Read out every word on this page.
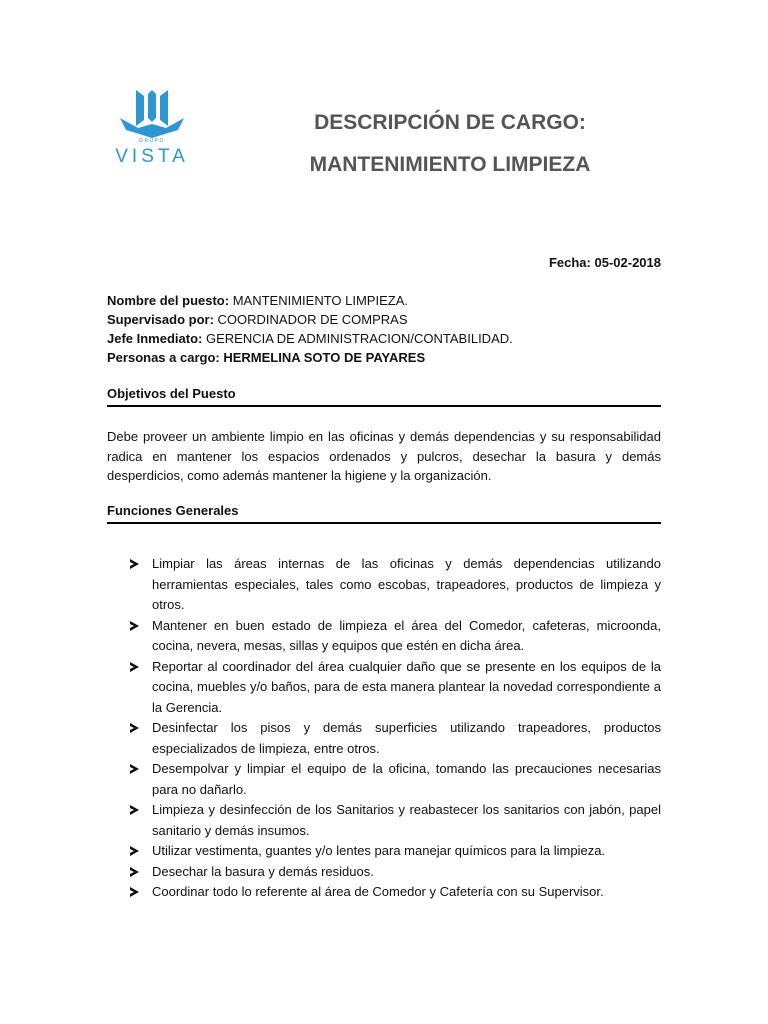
GRUPO
VISTA
DESCRIPCIÓN DE CARGO:
MANTENIMIENTO LIMPIEZA
Fecha: 05-02-2018
Nombre del puesto: MANTENIMIENTO LIMPIEZA.
Supervisado por: COORDINADOR DE COMPRAS
Jefe Inmediato: GERENCIA DE ADMINISTRACION/CONTABILIDAD.
Personas a cargo: HERMELINA SOTO DE PAYARES
Objetivos del Puesto
Debe proveer un ambiente limpio en las oficinas y demás dependencias y su responsabilidad radica en mantener los espacios ordenados y pulcros, desechar la basura y demás desperdicios, como además mantener la higiene y la organización.
Funciones Generales
Limpiar las áreas internas de las oficinas y demás dependencias utilizando herramientas especiales, tales como escobas, trapeadores, productos de limpieza y otros.
Mantener en buen estado de limpieza el área del Comedor, cafeteras, microonda, cocina, nevera, mesas, sillas y equipos que estén en dicha área.
Reportar al coordinador del área cualquier daño que se presente en los equipos de la cocina, muebles y/o baños, para de esta manera plantear la novedad correspondiente a la Gerencia.
Desinfectar los pisos y demás superficies utilizando trapeadores, productos especializados de limpieza, entre otros.
Desempolvar y limpiar el equipo de la oficina, tomando las precauciones necesarias para no dañarlo.
Limpieza y desinfección de los Sanitarios y reabastecer los sanitarios con jabón, papel sanitario y demás insumos.
Utilizar vestimenta, guantes y/o lentes para manejar químicos para la limpieza.
Desechar la basura y demás residuos.
Coordinar todo lo referente al área de Comedor y Cafetería con su Supervisor.
